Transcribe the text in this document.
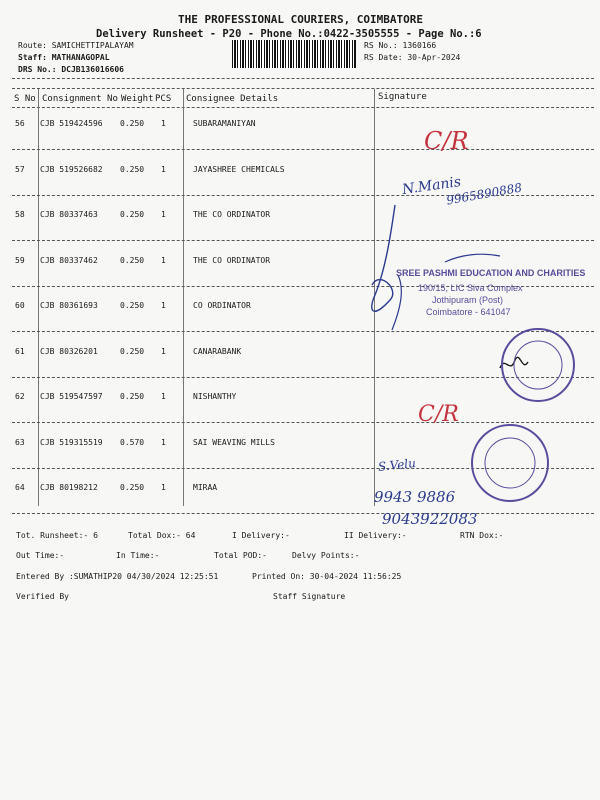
THE PROFESSIONAL COURIERS, COIMBATORE
Delivery Runsheet - P20 - Phone No.:0422-3505555 - Page No.:6
Route: SAMICHETTIPALAYAM
Staff: MATHANAGOPAL
DRS No.: DCJB136016606
RS No.: 1360166
RS Date: 30-Apr-2024
S No Consignment No Weight PCS Consignee Details	Signature
56 CJB 519424596 0.250 1	SUBARAMANIYAN
57 CJB 519526682 0.250 1	JAYASHREE CHEMICALS
58 CJB 80337463	0.250 1	THE CO ORDINATOR
59 CJB 80337462	0.250 1	THE CO ORDINATOR
60 CJB 80361693	0.250 1	CO ORDINATOR
61 CJB 80326201	0.250 1	CANARABANK
62 CJB 519547597 0.250 1	NISHANTHY
63 CJB 519315519 0.570 1	SAI WEAVING MILLS
64 CJB 80198212	0.250 1	MIRAA
Tot. Runsheet:- 6	Total Dox:- 64	I Delivery:-	II Delivery:-	RTN Dox:-
Out Time:-	In Time:-	Total POD:-	Delvy Points:-
Entered By :SUMATHIP20 04/30/2024 12:25:51	Printed On: 30-04-2024 11:56:25
Verified By	Staff Signature
C/R
N.Manis
9965890888
C/R
S.Velu
9943 9886
9043922083
SREE PASHMI EDUCATION AND CHARITIES
190/15, LIC Siva Complex
Jothipuram (Post)
Coimbatore - 641047
